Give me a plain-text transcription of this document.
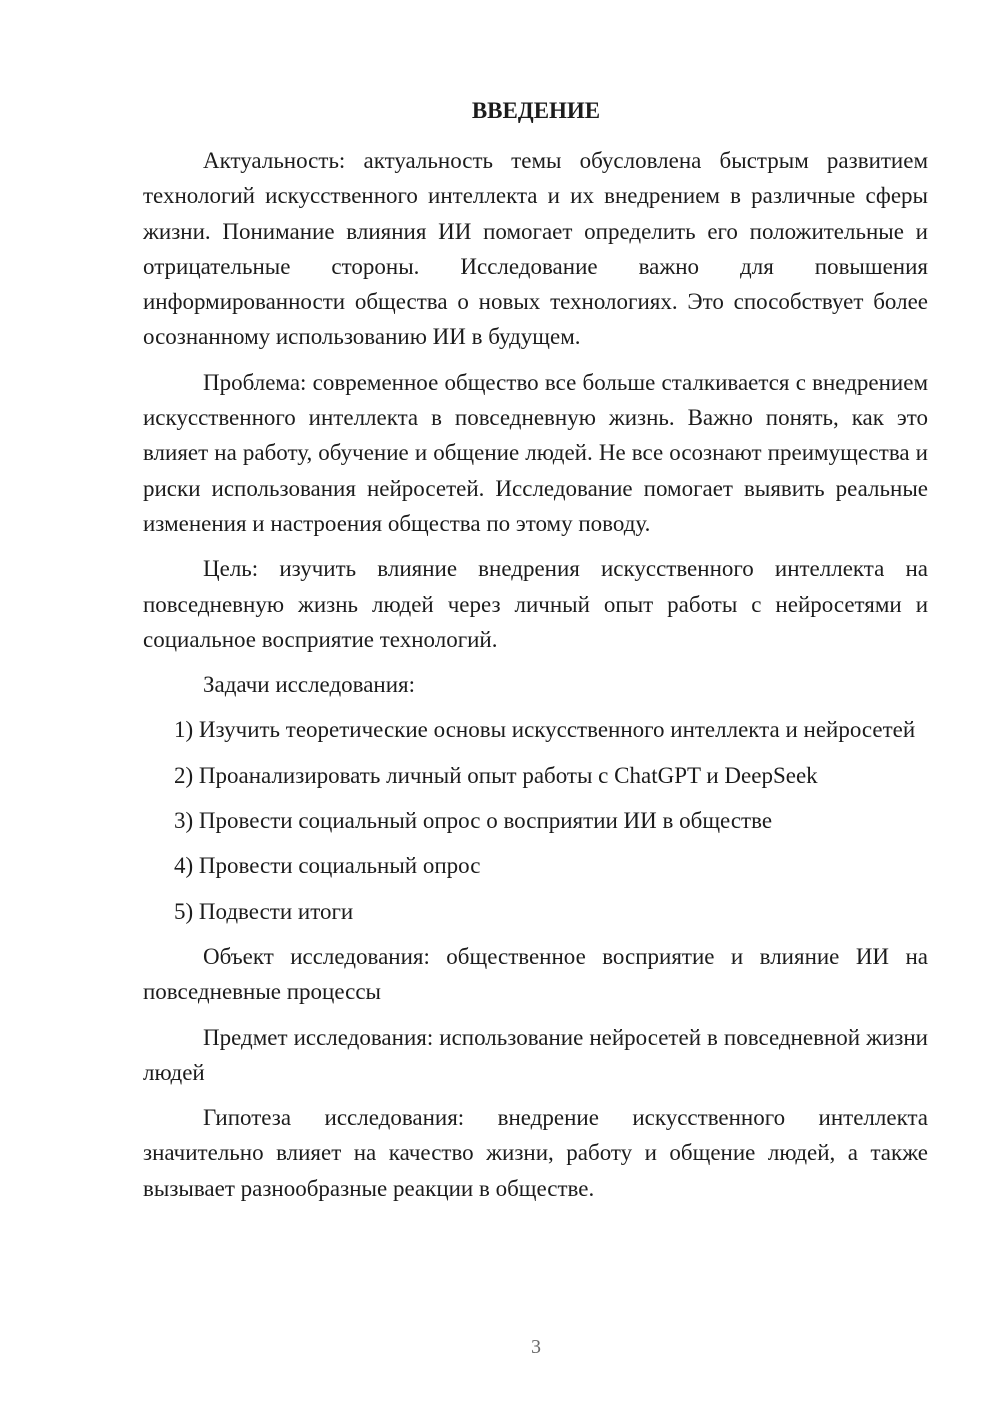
ВВЕДЕНИЕ

Актуальность: актуальность темы обусловлена быстрым развитием технологий искусственного интеллекта и их внедрением в различные сферы жизни. Понимание влияния ИИ помогает определить его положительные и отрицательные стороны. Исследование важно для повышения информированности общества о новых технологиях. Это способствует более осознанному использованию ИИ в будущем.

Проблема: современное общество все больше сталкивается с внедрением искусственного интеллекта в повседневную жизнь. Важно понять, как это влияет на работу, обучение и общение людей. Не все осознают преимущества и риски использования нейросетей. Исследование помогает выявить реальные изменения и настроения общества по этому поводу.

Цель: изучить влияние внедрения искусственного интеллекта на повседневную жизнь людей через личный опыт работы с нейросетями и социальное восприятие технологий.

Задачи исследования:

1) Изучить теоретические основы искусственного интеллекта и нейросетей

2) Проанализировать личный опыт работы с ChatGPT и DeepSeek

3) Провести социальный опрос о восприятии ИИ в обществе

4) Провести социальный опрос

5) Подвести итоги

Объект исследования: общественное восприятие и влияние ИИ на повседневные процессы

Предмет исследования: использование нейросетей в повседневной жизни людей

Гипотеза исследования: внедрение искусственного интеллекта значительно влияет на качество жизни, работу и общение людей, а также вызывает разнообразные реакции в обществе.

3
